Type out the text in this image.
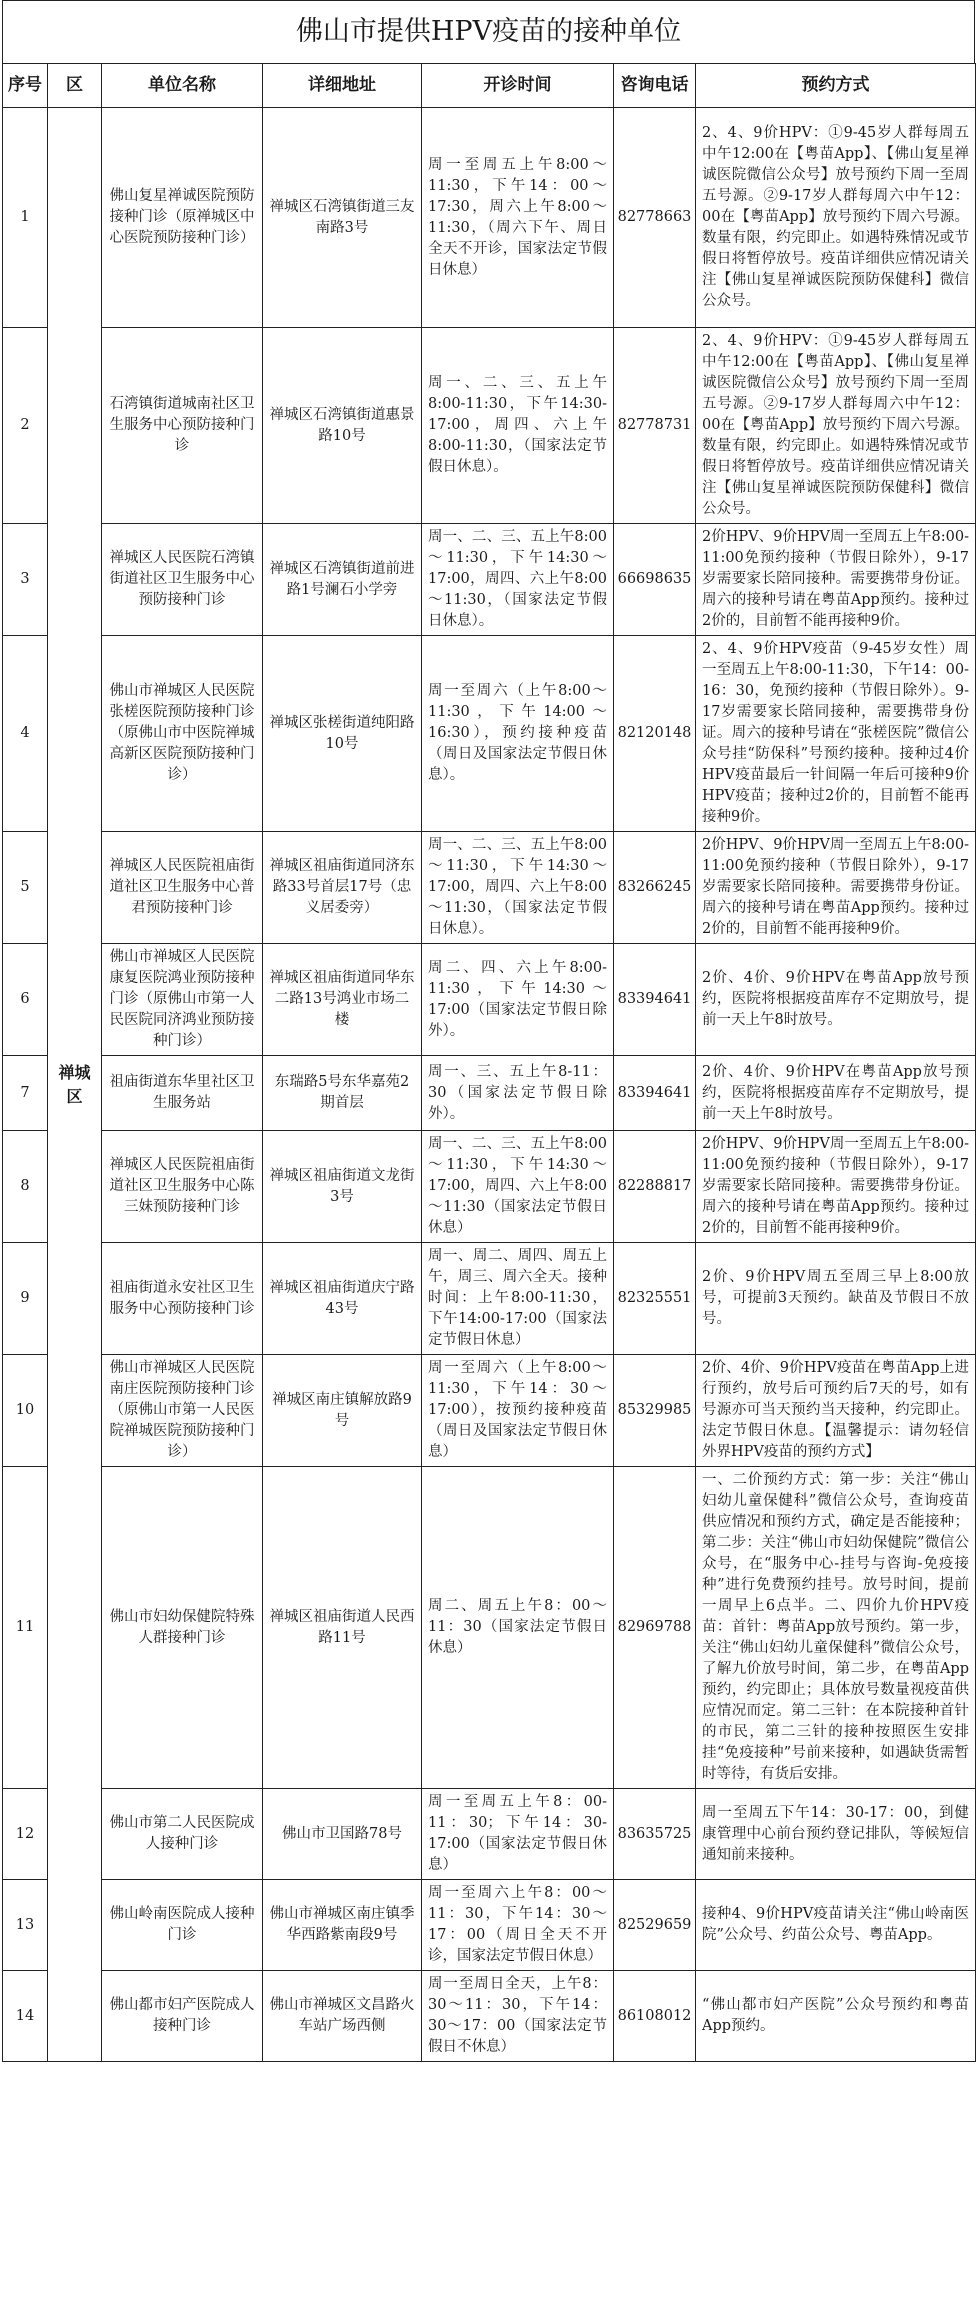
佛山市提供HPV疫苗的接种单位
序号	区	单位名称	详细地址	开诊时间	咨询电话	预约方式
1	禅城区	佛山复星禅诚医院预防接种门诊（原禅城区中心医院预防接种门诊）	禅城区石湾镇街道三友南路3号	周一至周五上午8:00～11:30，下午14：00～17:30，周六上午8:00～11:30，（周六下午、周日全天不开诊，国家法定节假日休息）	82778663	2、4、9价HPV：①9-45岁人群每周五中午12:00在【粤苗App】、【佛山复星禅诚医院微信公众号】放号预约下周一至周五号源。②9-17岁人群每周六中午12：00在【粤苗App】放号预约下周六号源。数量有限，约完即止。如遇特殊情况或节假日将暂停放号。疫苗详细供应情况请关注【佛山复星禅诚医院预防保健科】微信公众号。
2		石湾镇街道城南社区卫生服务中心预防接种门诊	禅城区石湾镇街道惠景路10号	周一、二、三、五上午8:00-11:30，下午14:30-17:00，周四、六上午8:00-11:30，（国家法定节假日休息）。	82778731	2、4、9价HPV：①9-45岁人群每周五中午12:00在【粤苗App】、【佛山复星禅诚医院微信公众号】放号预约下周一至周五号源。②9-17岁人群每周六中午12：00在【粤苗App】放号预约下周六号源。数量有限，约完即止。如遇特殊情况或节假日将暂停放号。疫苗详细供应情况请关注【佛山复星禅诚医院预防保健科】微信公众号。
3		禅城区人民医院石湾镇街道社区卫生服务中心预防接种门诊	禅城区石湾镇街道前进路1号澜石小学旁	周一、二、三、五上午8:00～11:30，下午14:30～17:00，周四、六上午8:00～11:30，（国家法定节假日休息）。	66698635	2价HPV、9价HPV周一至周五上午8:00-11:00免预约接种（节假日除外），9-17岁需要家长陪同接种。需要携带身份证。周六的接种号请在粤苗App预约。接种过2价的，目前暂不能再接种9价。
4		佛山市禅城区人民医院张槎医院预防接种门诊（原佛山市中医院禅城高新区医院预防接种门诊）	禅城区张槎街道纯阳路10号	周一至周六（上午8:00～11:30，下午14:00～16:30），预约接种疫苗（周日及国家法定节假日休息）。	82120148	2、4、9价HPV疫苗（9-45岁女性）周一至周五上午8:00-11:30，下午14：00-16：30，免预约接种（节假日除外）。9-17岁需要家长陪同接种，需要携带身份证。周六的接种号请在“张槎医院”微信公众号挂“防保科”号预约接种。接种过4价HPV疫苗最后一针间隔一年后可接种9价HPV疫苗；接种过2价的，目前暂不能再接种9价。
5		禅城区人民医院祖庙街道社区卫生服务中心普君预防接种门诊	禅城区祖庙街道同济东路33号首层17号（忠义居委旁）	周一、二、三、五上午8:00～11:30，下午14:30～17:00，周四、六上午8:00～11:30，（国家法定节假日休息）。	83266245	2价HPV、9价HPV周一至周五上午8:00-11:00免预约接种（节假日除外），9-17岁需要家长陪同接种。需要携带身份证。周六的接种号请在粤苗App预约。接种过2价的，目前暂不能再接种9价。
6		佛山市禅城区人民医院康复医院鸿业预防接种门诊（原佛山市第一人民医院同济鸿业预防接种门诊）	禅城区祖庙街道同华东二路13号鸿业市场二楼	周二、四、六上午8:00-11:30，下午14:30～17:00（国家法定节假日除外）。	83394641	2价、4价、9价HPV在粤苗App放号预约，医院将根据疫苗库存不定期放号，提前一天上午8时放号。
7		祖庙街道东华里社区卫生服务站	东瑞路5号东华嘉苑2期首层	周一、三、五上午8-11：30（国家法定节假日除外）。	83394641	2价、4价、9价HPV在粤苗App放号预约，医院将根据疫苗库存不定期放号，提前一天上午8时放号。
8		禅城区人民医院祖庙街道社区卫生服务中心陈三妹预防接种门诊	禅城区祖庙街道文龙街3号	周一、二、三、五上午8:00～11:30，下午14:30～17:00，周四、六上午8:00～11:30（国家法定节假日休息）	82288817	2价HPV、9价HPV周一至周五上午8:00-11:00免预约接种（节假日除外），9-17岁需要家长陪同接种。需要携带身份证。周六的接种号请在粤苗App预约。接种过2价的，目前暂不能再接种9价。
9		祖庙街道永安社区卫生服务中心预防接种门诊	禅城区祖庙街道庆宁路43号	周一、周二、周四、周五上午，周三、周六全天。接种时间：上午8:00-11:30，下午14:00-17:00（国家法定节假日休息）	82325551	2价、9价HPV周五至周三早上8:00放号，可提前3天预约。缺苗及节假日不放号。
10		佛山市禅城区人民医院南庄医院预防接种门诊（原佛山市第一人民医院禅城医院预防接种门诊）	禅城区南庄镇解放路9号	周一至周六（上午8:00～11:30，下午14：30～17:00），按预约接种疫苗（周日及国家法定节假日休息）	85329985	2价、4价、9价HPV疫苗在粤苗App上进行预约，放号后可预约后7天的号，如有号源亦可当天预约当天接种，约完即止。法定节假日休息。【温馨提示：请勿轻信外界HPV疫苗的预约方式】
11		佛山市妇幼保健院特殊人群接种门诊	禅城区祖庙街道人民西路11号	周二、周五上午8：00～11：30（国家法定节假日休息）	82969788	一、二价预约方式：第一步：关注“佛山妇幼儿童保健科”微信公众号，查询疫苗供应情况和预约方式，确定是否能接种；第二步：关注“佛山市妇幼保健院”微信公众号，在“服务中心-挂号与咨询-免疫接种”进行免费预约挂号。放号时间，提前一周早上6点半。二、四价九价HPV疫苗：首针：粤苗App放号预约。第一步，关注“佛山妇幼儿童保健科”微信公众号，了解九价放号时间，第二步，在粤苗App预约，约完即止；具体放号数量视疫苗供应情况而定。第二三针：在本院接种首针的市民，第二三针的接种按照医生安排挂“免疫接种”号前来接种，如遇缺货需暂时等待，有货后安排。
12		佛山市第二人民医院成人接种门诊	佛山市卫国路78号	周一至周五上午8：00-11：30；下午14：30-17:00（国家法定节假日休息）	83635725	周一至周五下午14：30-17：00，到健康管理中心前台预约登记排队，等候短信通知前来接种。
13		佛山岭南医院成人接种门诊	佛山市禅城区南庄镇季华西路紫南段9号	周一至周六上午8：00～11：30，下午14：30～17：00（周日全天不开诊，国家法定节假日休息）	82529659	接种4、9价HPV疫苗请关注“佛山岭南医院”公众号、约苗公众号、粤苗App。
14		佛山都市妇产医院成人接种门诊	佛山市禅城区文昌路火车站广场西侧	周一至周日全天，上午8：30～11：30，下午14：30～17：00（国家法定节假日不休息）	86108012	“佛山都市妇产医院”公众号预约和粤苗App预约。
